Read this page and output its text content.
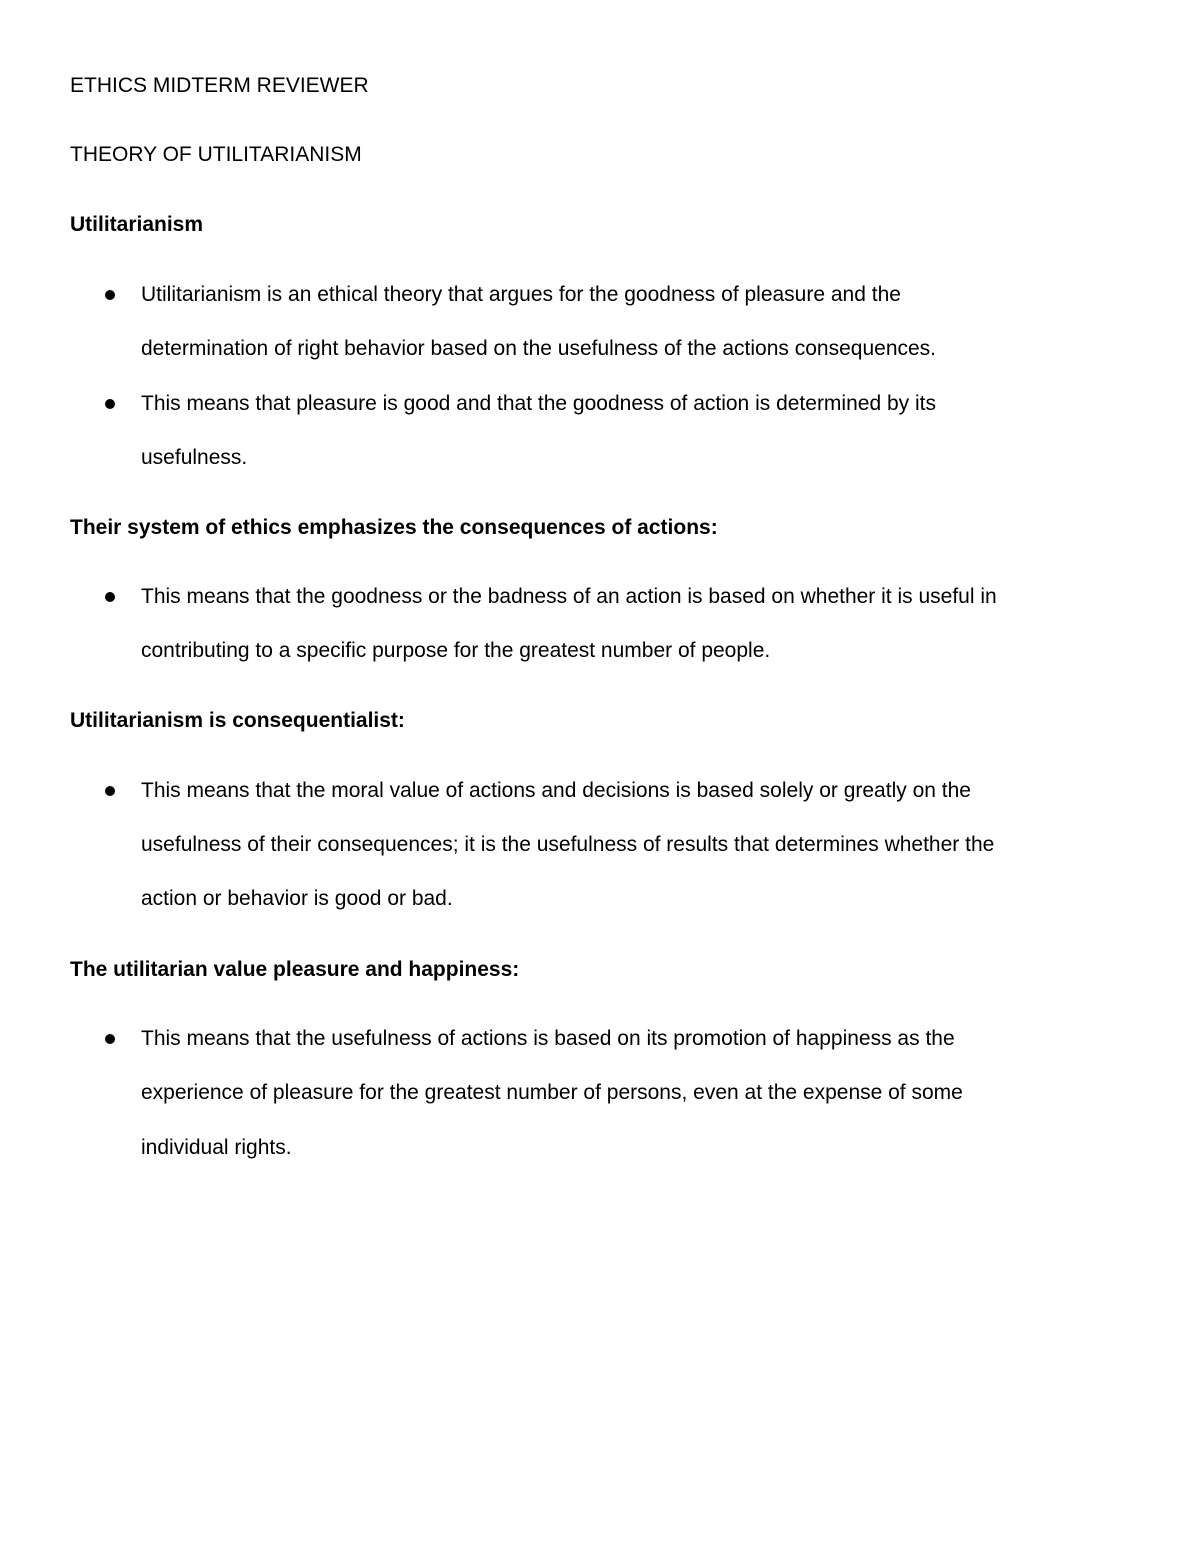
ETHICS MIDTERM REVIEWER
THEORY OF UTILITARIANISM
Utilitarianism
Utilitarianism is an ethical theory that argues for the goodness of pleasure and the
determination of right behavior based on the usefulness of the actions consequences.
This means that pleasure is good and that the goodness of action is determined by its
usefulness.
Their system of ethics emphasizes the consequences of actions:
This means that the goodness or the badness of an action is based on whether it is useful in
contributing to a specific purpose for the greatest number of people.
Utilitarianism is consequentialist:
This means that the moral value of actions and decisions is based solely or greatly on the
usefulness of their consequences; it is the usefulness of results that determines whether the
action or behavior is good or bad.
The utilitarian value pleasure and happiness:
This means that the usefulness of actions is based on its promotion of happiness as the
experience of pleasure for the greatest number of persons, even at the expense of some
individual rights.
